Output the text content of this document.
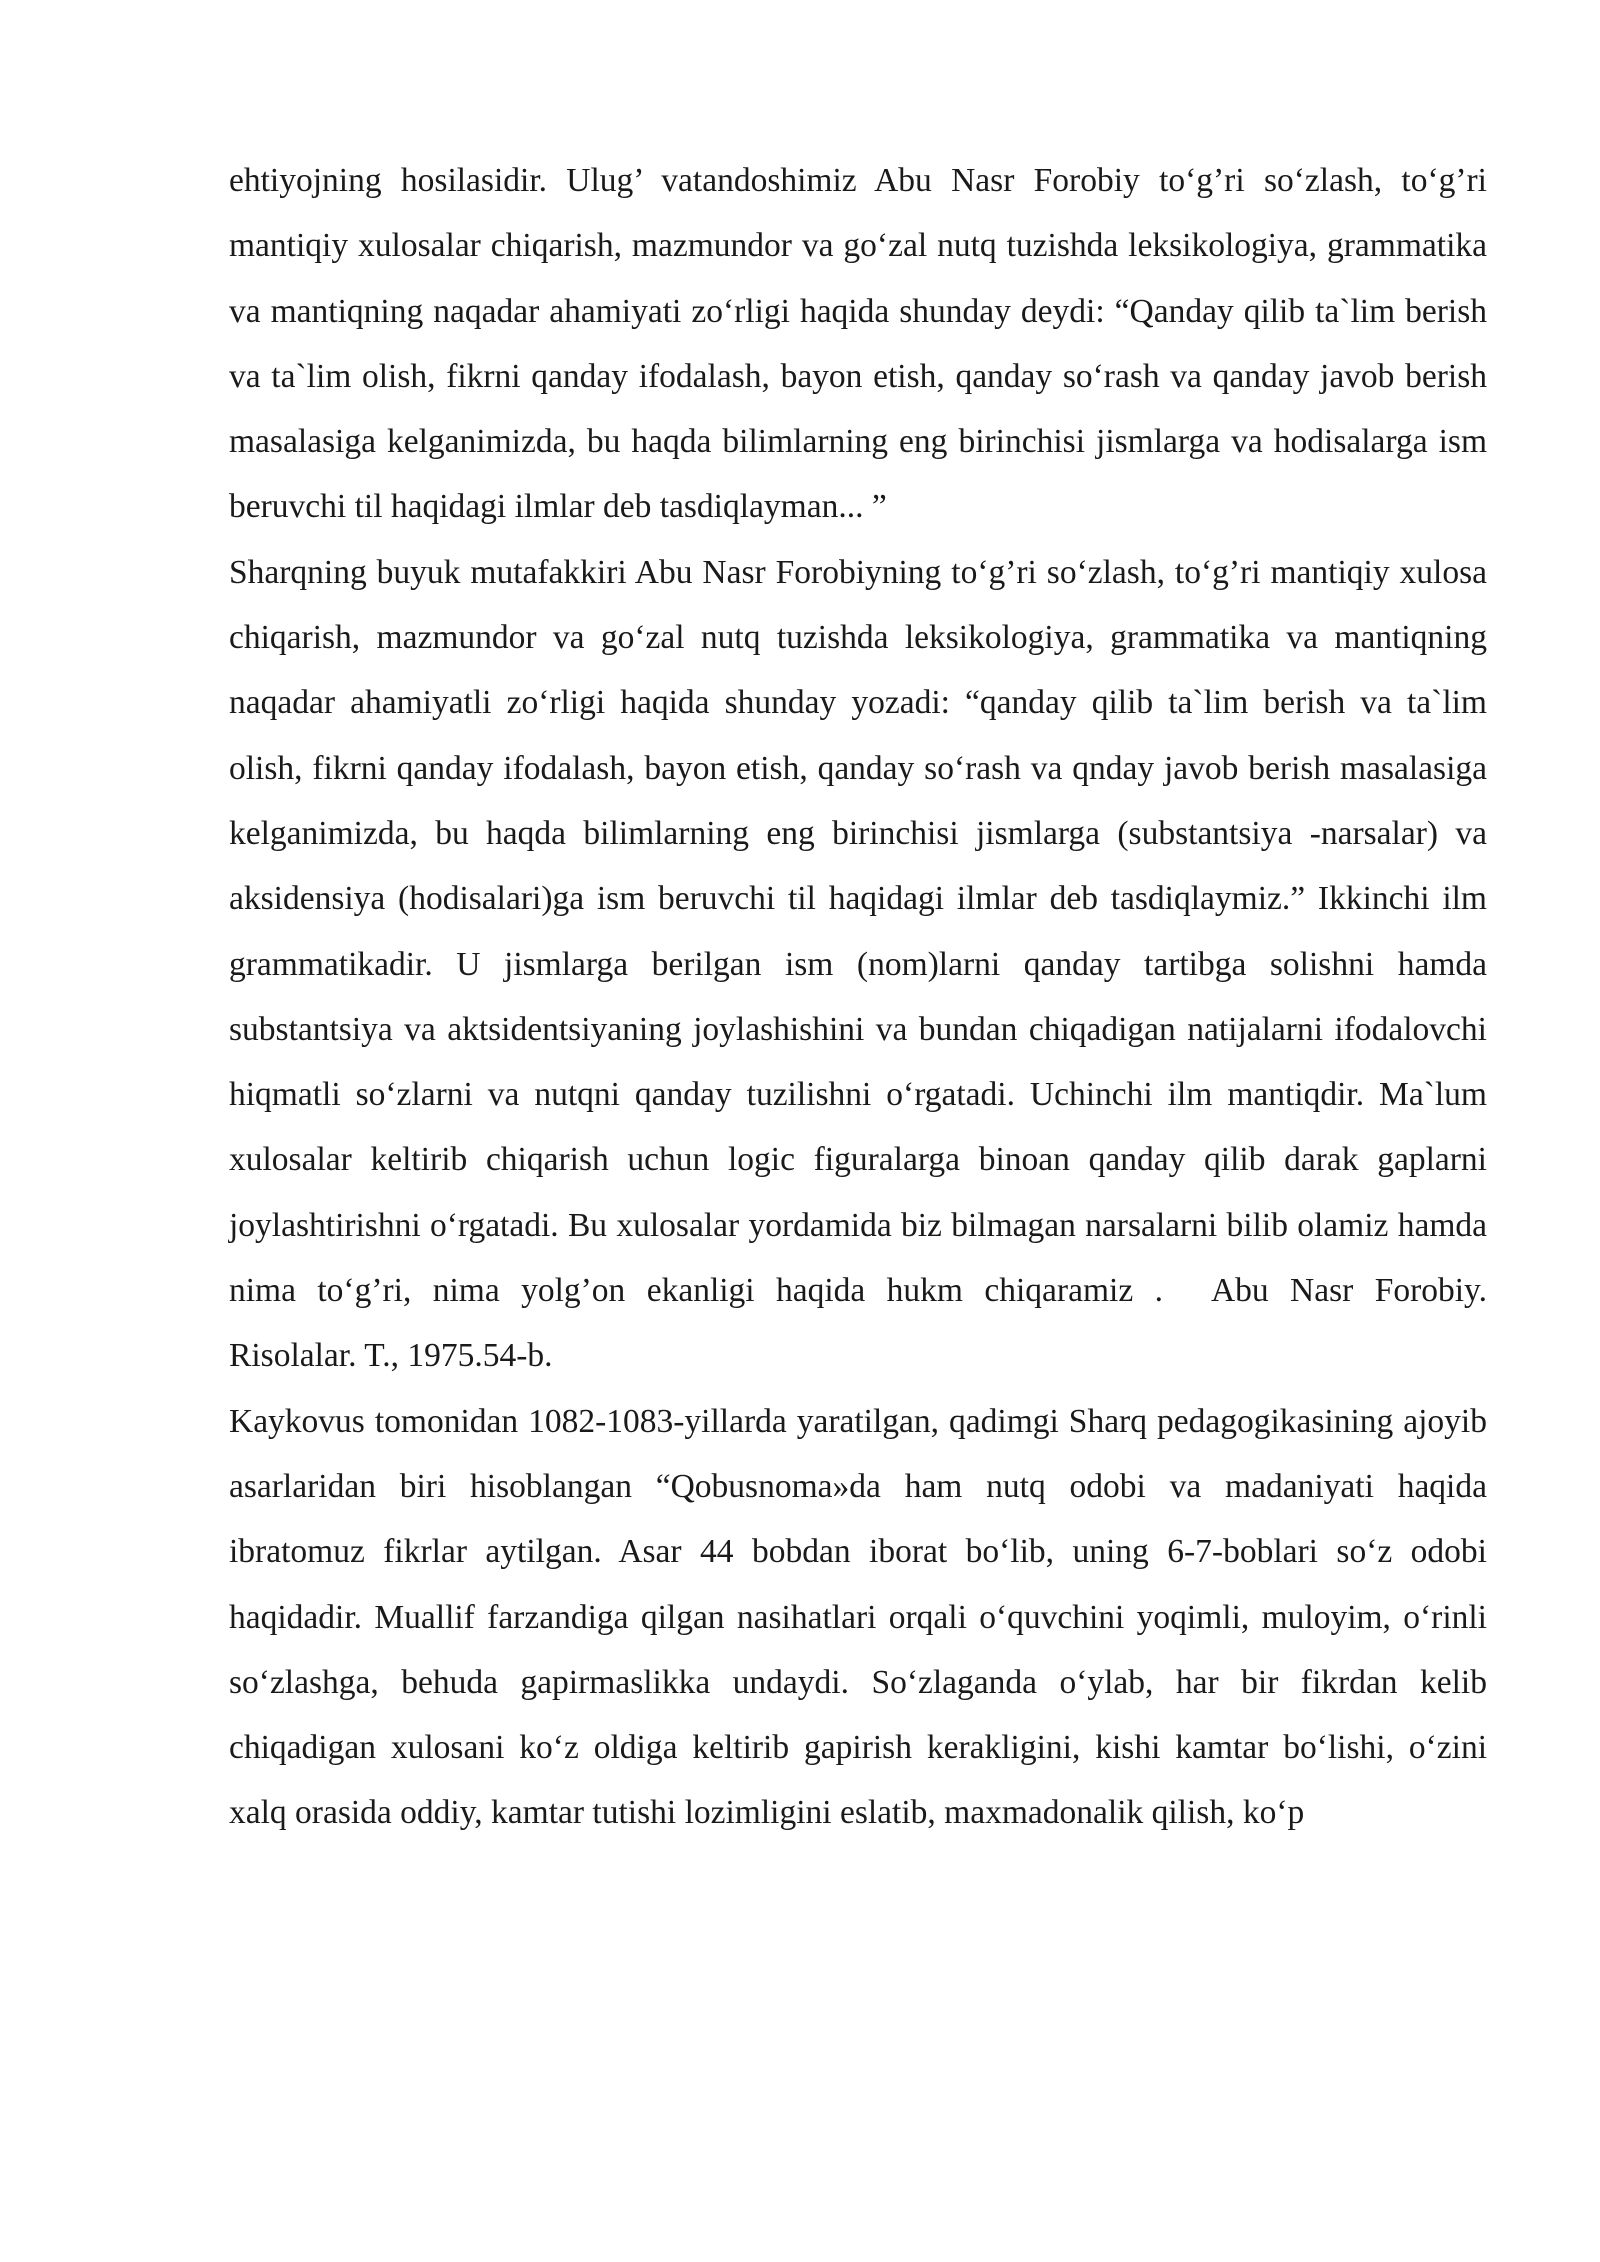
ehtiyojning hosilasidir. Ulug’ vatandoshimiz Abu Nasr Forobiy to‘g’ri so‘zlash, to‘g’ri mantiqiy xulosalar chiqarish, mazmundor va go‘zal nutq tuzishda leksikologiya, grammatika va mantiqning naqadar ahamiyati zo‘rligi haqida shunday deydi: “Qanday qilib ta`lim berish va ta`lim olish, fikrni qanday ifodalash, bayon etish, qanday so‘rash va qanday javob berish masalasiga kelganimizda, bu haqda bilimlarning eng birinchisi jismlarga va hodisalarga ism beruvchi til haqidagi ilmlar deb tasdiqlayman... ”

Sharqning buyuk mutafakkiri Abu Nasr Forobiyning to‘g’ri so‘zlash, to‘g’ri mantiqiy xulosa chiqarish, mazmundor va go‘zal nutq tuzishda leksikologiya, grammatika va mantiqning naqadar ahamiyatli zo‘rligi haqida shunday yozadi: “qanday qilib ta`lim berish va ta`lim olish, fikrni qanday ifodalash, bayon etish, qanday so‘rash va qnday javob berish masalasiga kelganimizda, bu haqda bilimlarning eng birinchisi jismlarga (substantsiya -narsalar) va aksidensiya (hodisalari)ga ism beruvchi til haqidagi ilmlar deb tasdiqlaymiz.” Ikkinchi ilm grammatikadir. U jismlarga berilgan ism (nom)larni qanday tartibga solishni hamda substantsiya va aktsidentsiyaning joylashishini va bundan chiqadigan natijalarni ifodalovchi hiqmatli so‘zlarni va nutqni qanday tuzilishni o‘rgatadi. Uchinchi ilm mantiqdir. Ma`lum xulosalar keltirib chiqarish uchun logic figuralarga binoan qanday qilib darak gaplarni joylashtirishni o‘rgatadi. Bu xulosalar yordamida biz bilmagan narsalarni bilib olamiz hamda nima to‘g’ri, nima yolg’on ekanligi haqida hukm chiqaramiz . Abu Nasr Forobiy. Risolalar. T., 1975.54-b.

Kaykovus tomonidan 1082-1083-yillarda yaratilgan, qadimgi Sharq pedagogikasining ajoyib asarlaridan biri hisoblangan “Qobusnoma»da ham nutq odobi va madaniyati haqida ibratomuz fikrlar aytilgan. Asar 44 bobdan iborat bo‘lib, uning 6-7-boblari so‘z odobi haqidadir. Muallif farzandiga qilgan nasihatlari orqali o‘quvchini yoqimli, muloyim, o‘rinli so‘zlashga, behuda gapirmaslikka undaydi. So‘zlaganda o‘ylab, har bir fikrdan kelib chiqadigan xulosani ko‘z oldiga keltirib gapirish kerakligini, kishi kamtar bo‘lishi, o‘zini xalq orasida oddiy, kamtar tutishi lozimligini eslatib, maxmadonalik qilish, ko‘p
